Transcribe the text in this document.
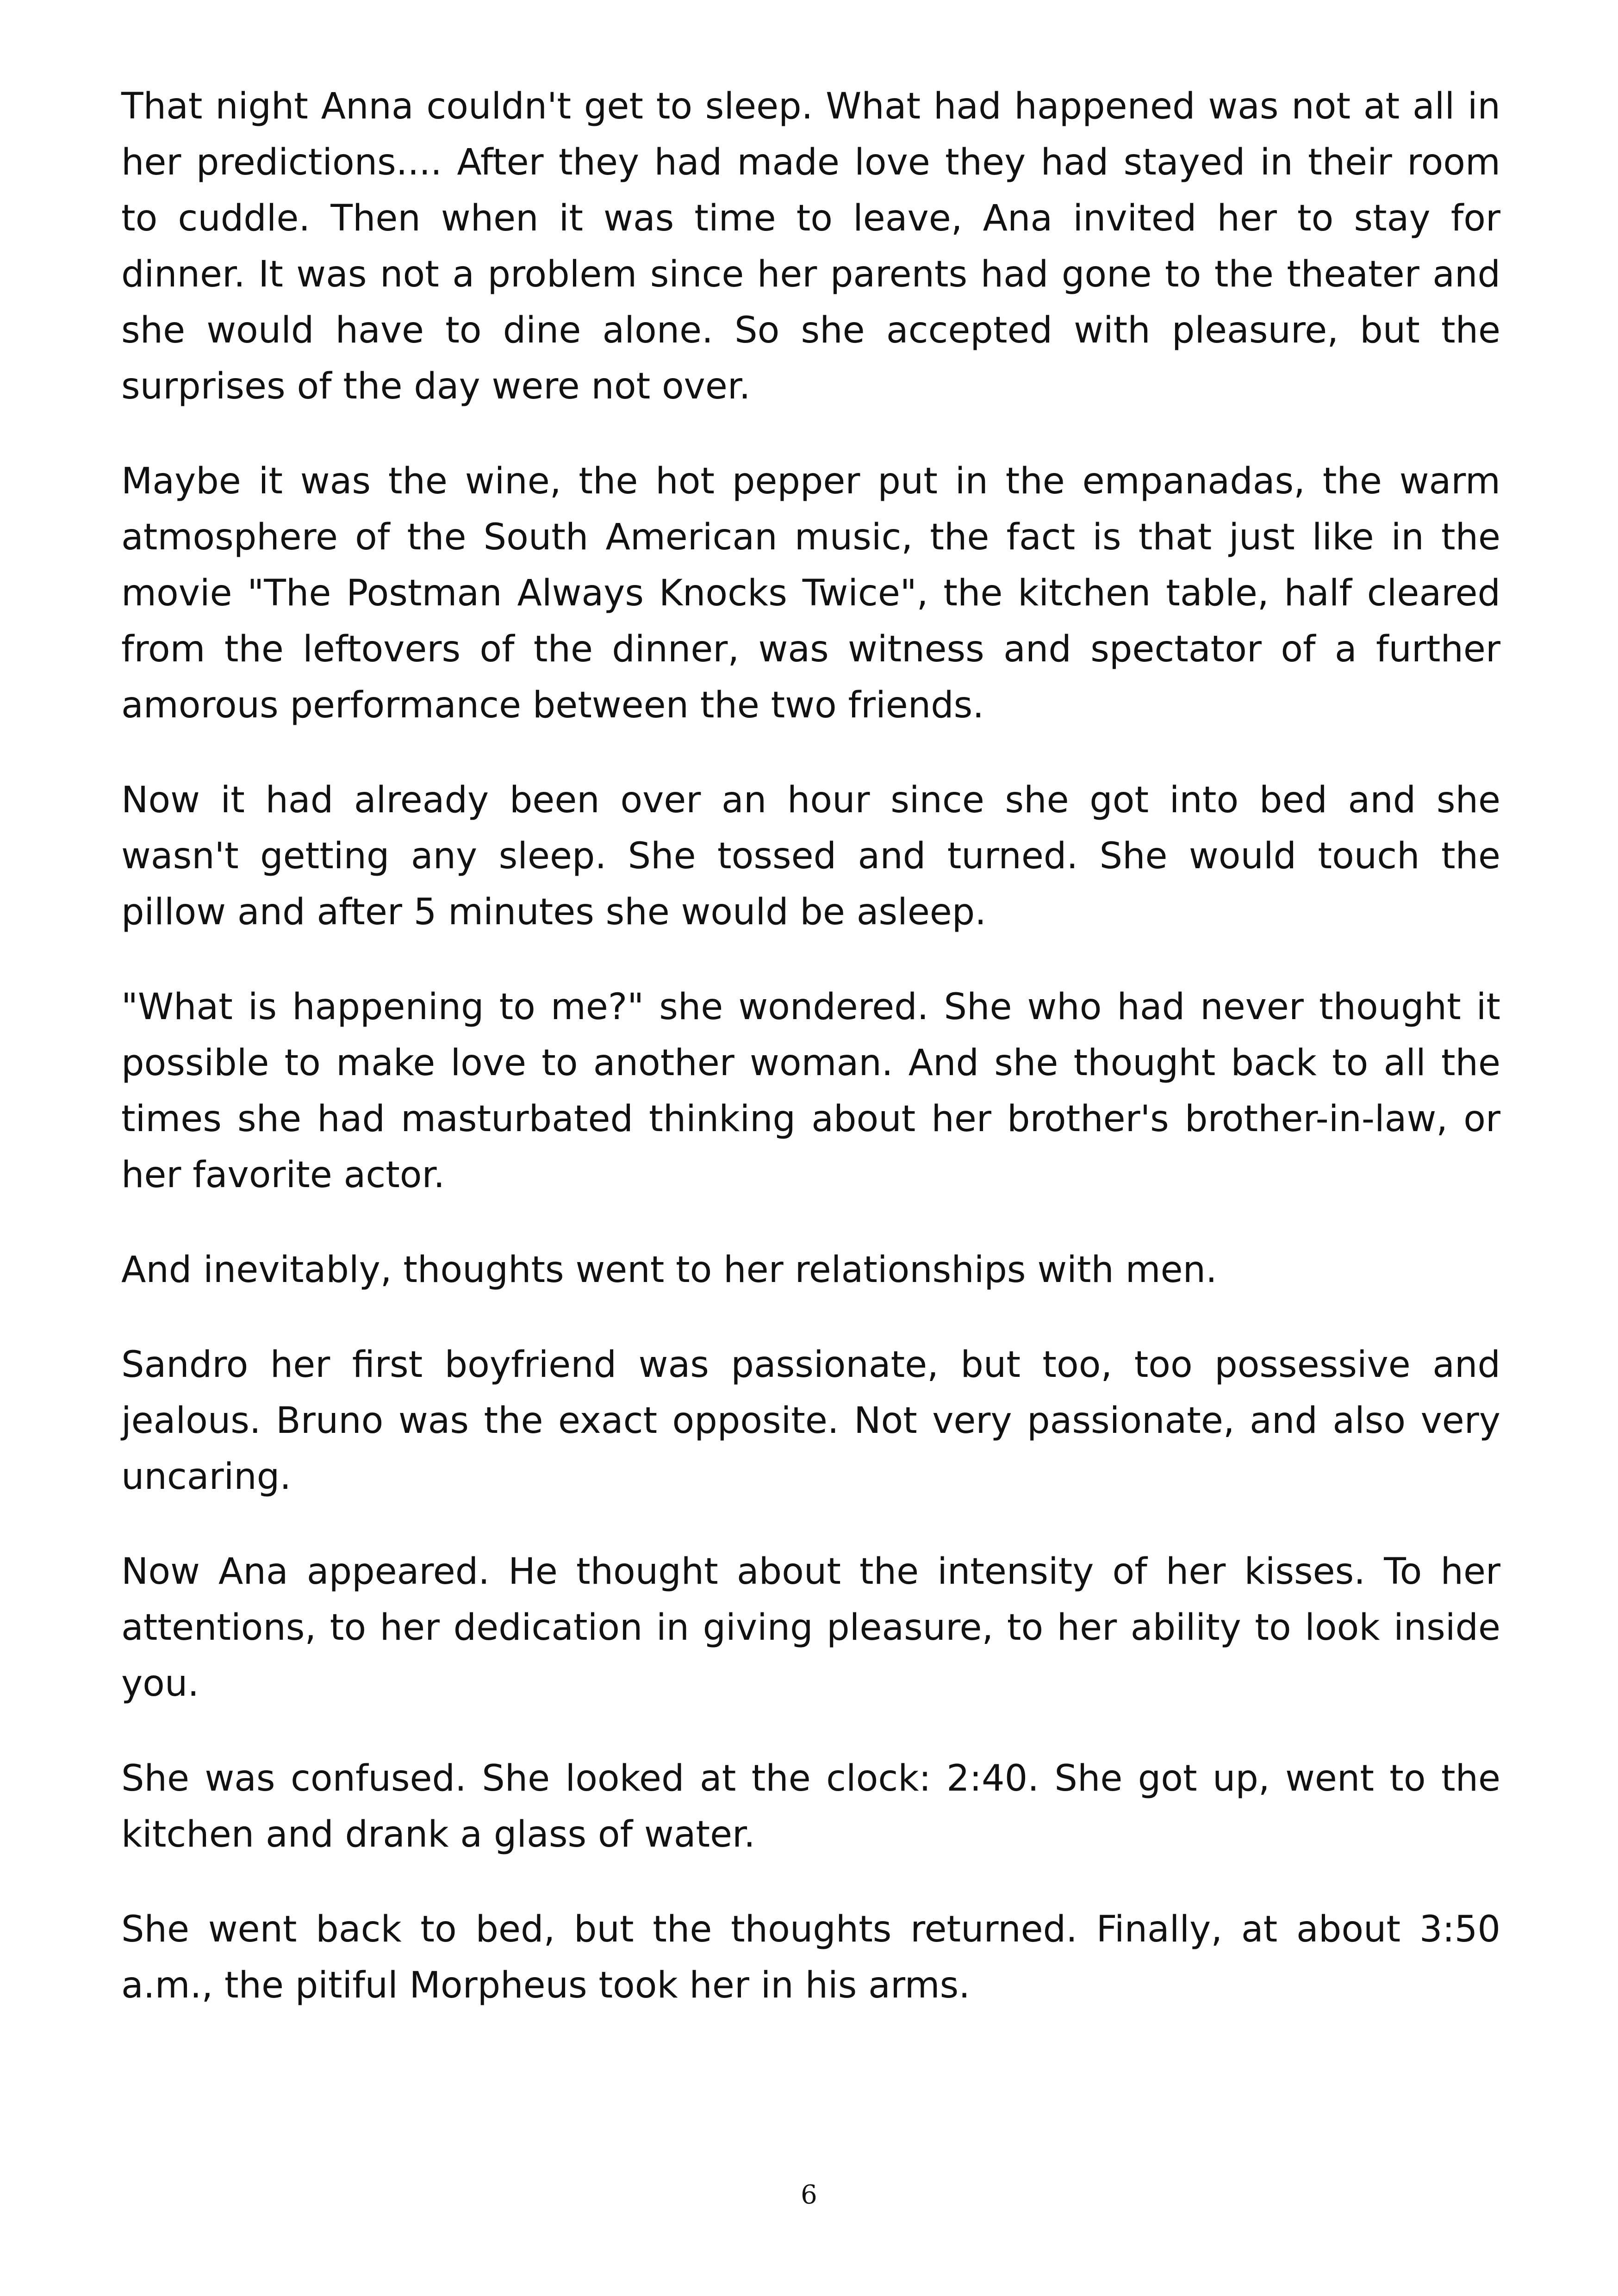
That night Anna couldn't get to sleep. What had happened was not at all in her predictions.... After they had made love they had stayed in their room to cuddle. Then when it was time to leave, Ana invited her to stay for dinner. It was not a problem since her parents had gone to the theater and she would have to dine alone. So she accepted with pleasure, but the surprises of the day were not over.

Maybe it was the wine, the hot pepper put in the empanadas, the warm atmosphere of the South American music, the fact is that just like in the movie "The Postman Always Knocks Twice", the kitchen table, half cleared from the leftovers of the dinner, was witness and spectator of a further amorous performance between the two friends.

Now it had already been over an hour since she got into bed and she wasn't getting any sleep. She tossed and turned. She would touch the pillow and after 5 minutes she would be asleep.

"What is happening to me?" she wondered. She who had never thought it possible to make love to another woman. And she thought back to all the times she had masturbated thinking about her brother's brother-in-law, or her favorite actor.

And inevitably, thoughts went to her relationships with men.

Sandro her first boyfriend was passionate, but too, too possessive and jealous. Bruno was the exact opposite. Not very passionate, and also very uncaring.

Now Ana appeared. He thought about the intensity of her kisses. To her attentions, to her dedication in giving pleasure, to her ability to look inside you.

She was confused. She looked at the clock: 2:40. She got up, went to the kitchen and drank a glass of water.

She went back to bed, but the thoughts returned. Finally, at about 3:50 a.m., the pitiful Morpheus took her in his arms.

6
